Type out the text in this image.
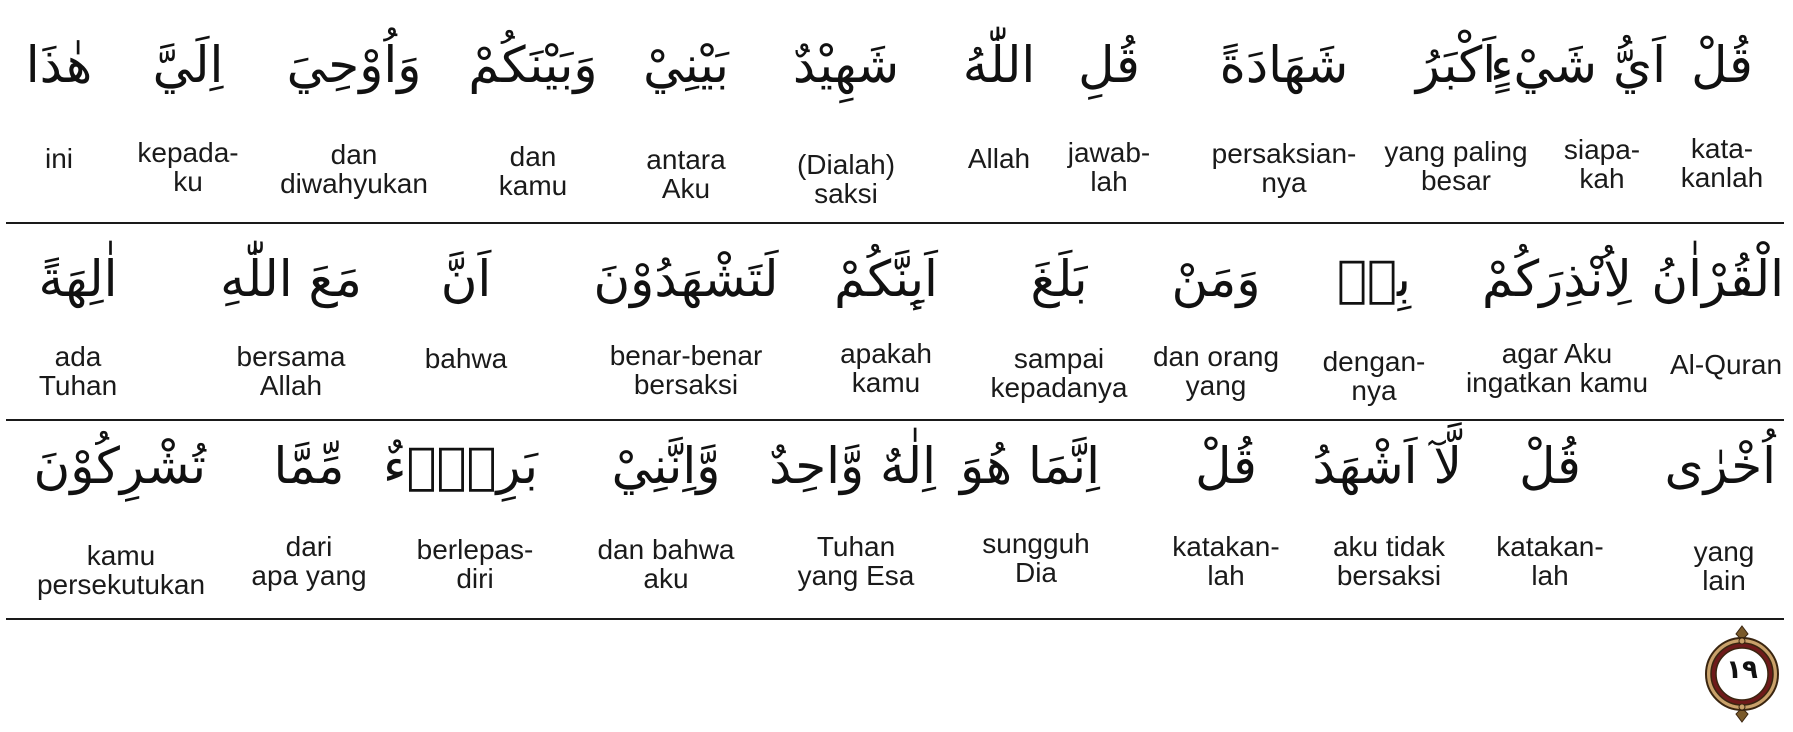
قُلْ
kata-
kanlah
اَيُّ شَيْءٍ
siapa-
kah
اَكْبَرُ
yang paling
besar
شَهَادَةً
persaksian-
nya
قُلِ
jawab-
lah
اللّٰهُ
Allah
شَهِيْدٌ
(Dialah)
saksi
بَيْنِيْ
antara
Aku
وَبَيْنَكُمْ
dan
kamu
وَاُوْحِيَ
dan
diwahyukan
اِلَيَّ
kepada-
ku
هٰذَا
ini
الْقُرْاٰنُ
Al-Quran
لِاُنْذِرَكُمْ
agar Aku
ingatkan kamu
بِهٖ
dengan-
nya
وَمَنْ
dan orang
yang
بَلَغَ
sampai
kepadanya
اَىِٕنَّكُمْ
apakah
kamu
لَتَشْهَدُوْنَ
benar-benar
bersaksi
اَنَّ
bahwa
مَعَ اللّٰهِ
bersama
Allah
اٰلِهَةً
ada
Tuhan
اُخْرٰى
yang
lain
قُلْ
katakan-
lah
لَّآ اَشْهَدُ
aku tidak
bersaksi
قُلْ
katakan-
lah
اِنَّمَا هُوَ
sungguh
Dia
اِلٰهٌ وَّاحِدٌ
Tuhan
yang Esa
وَّاِنَّنِيْ
dan bahwa
aku
بَرِيْۤءٌ
berlepas-
diri
مِّمَّا
dari
apa yang
تُشْرِكُوْنَ
kamu
persekutukan
١٩
